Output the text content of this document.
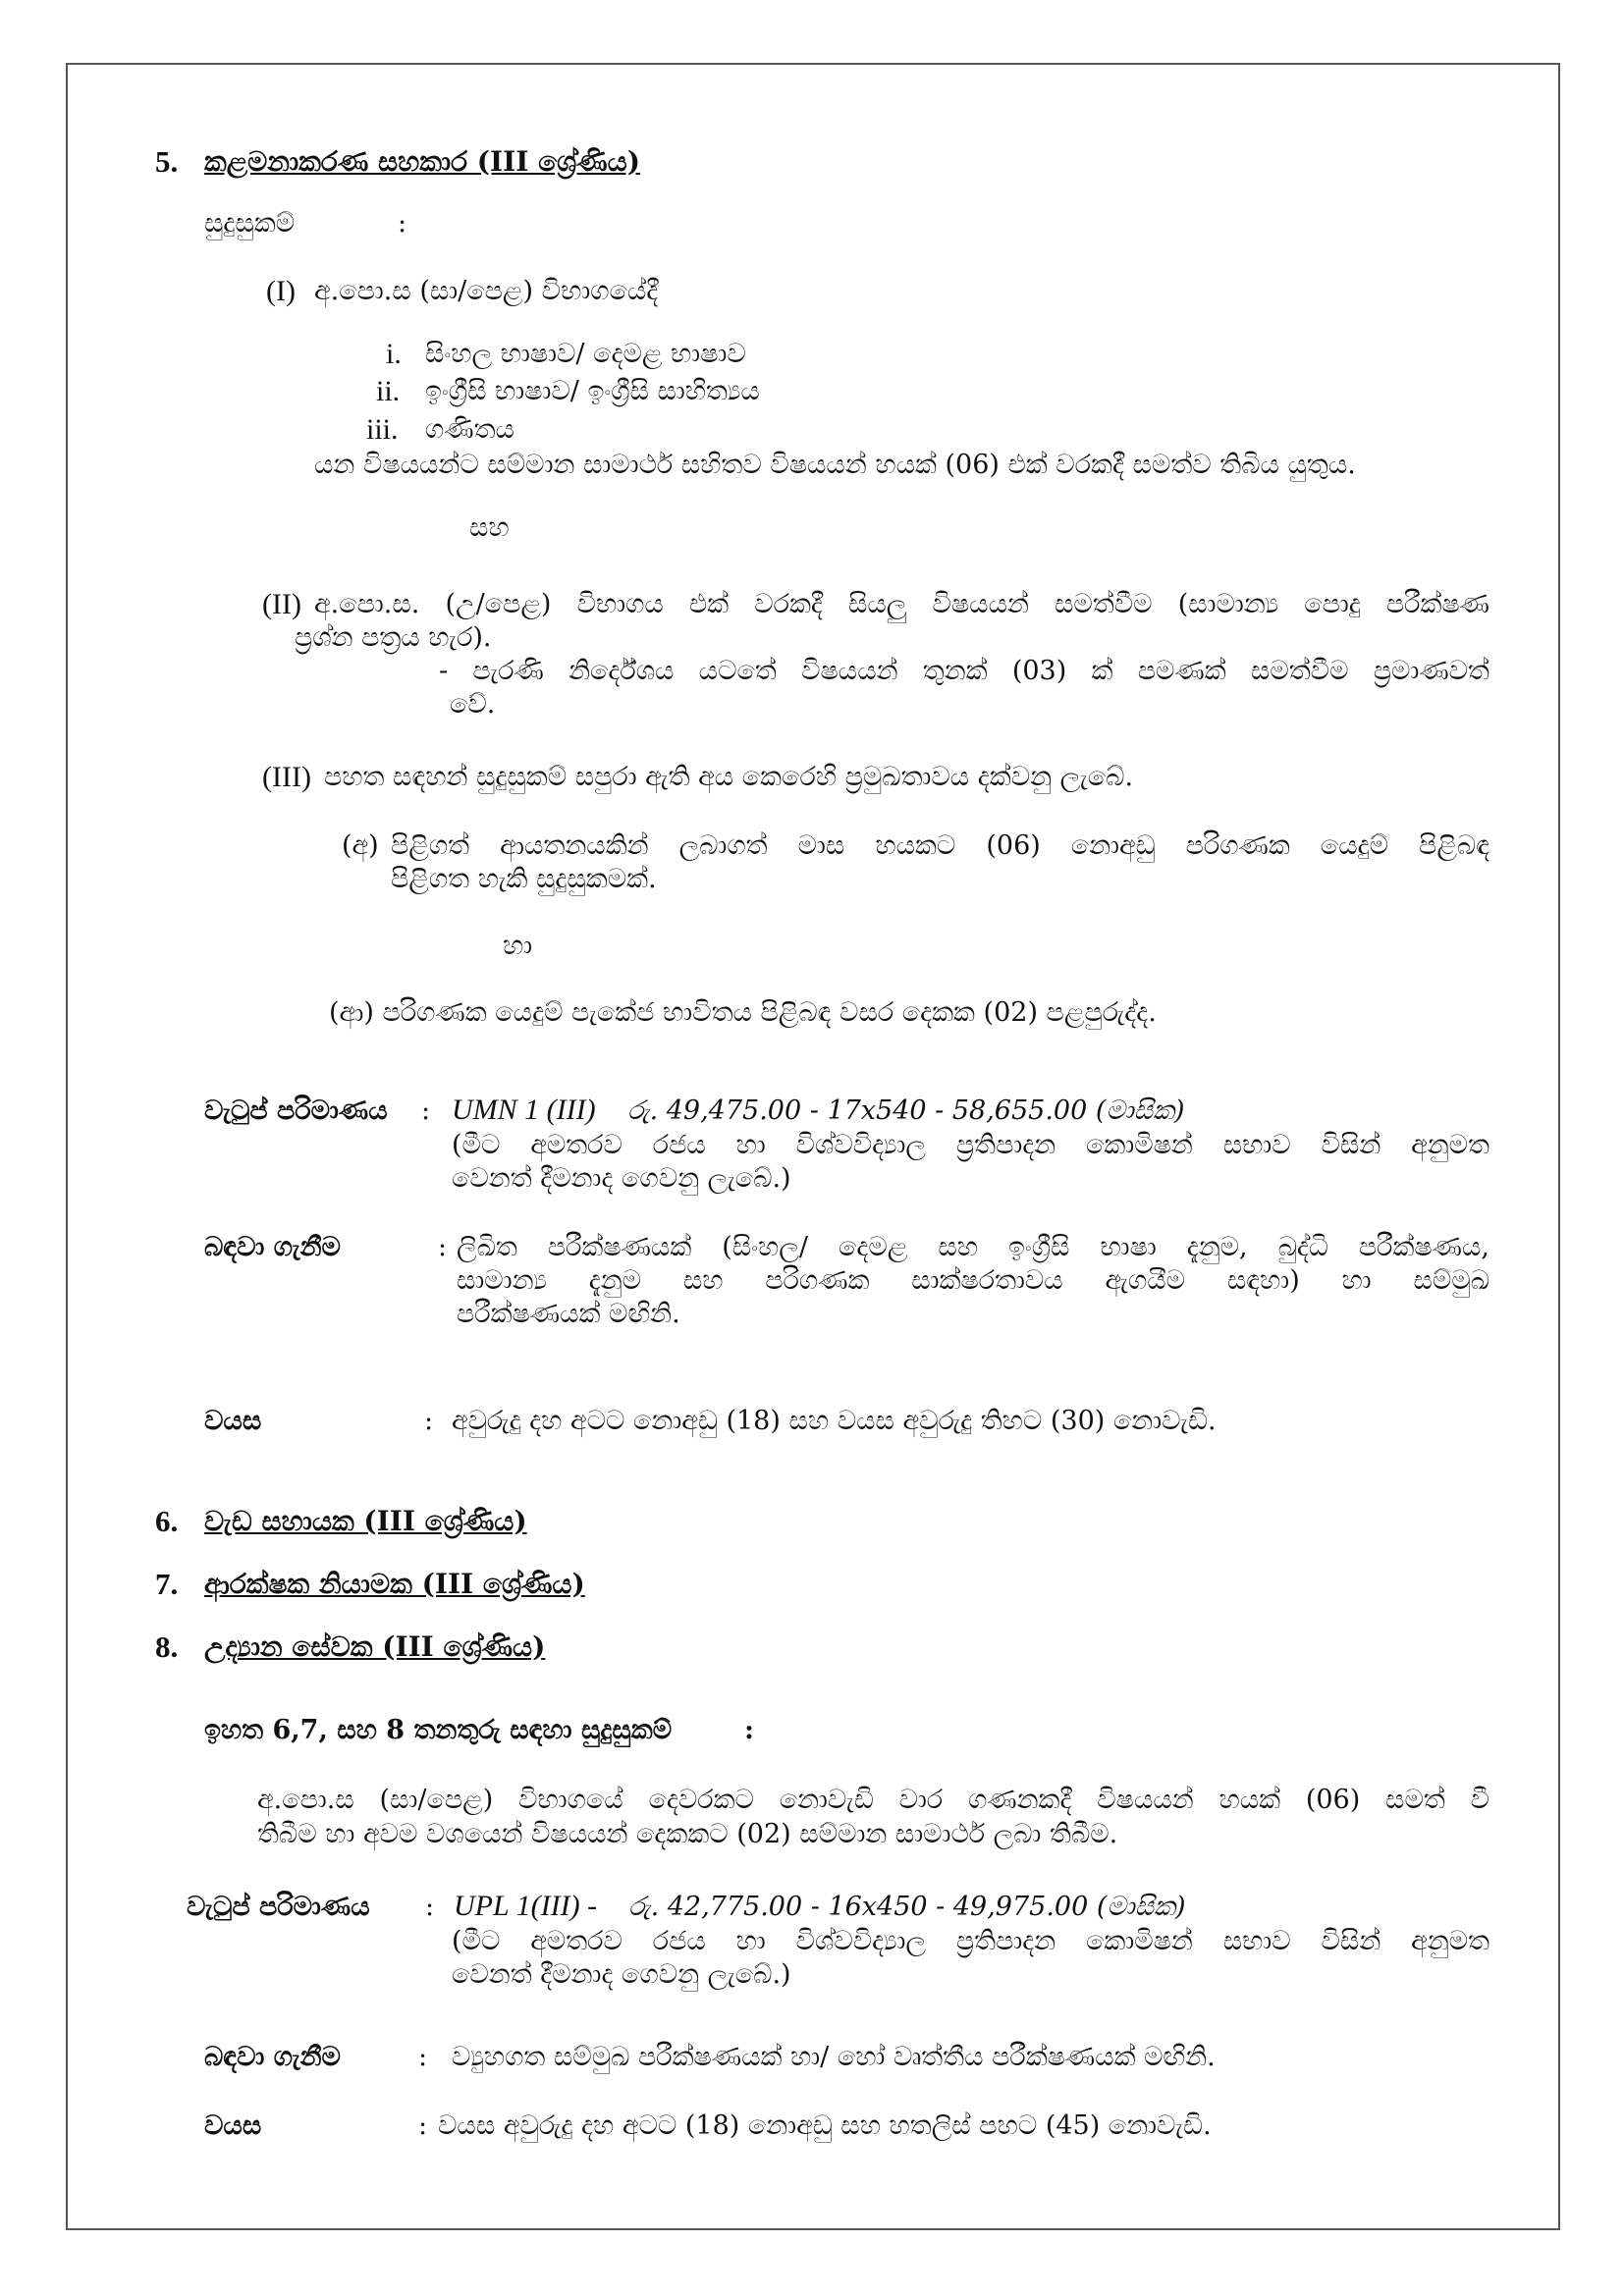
5. කළමනාකරණ සහකාර (III ශ්‍රේණිය)
සුදුසුකම්	:
(I) අ.පො.ස (සා/පෙළ) විභාගයේදී
i. සිංහල භාෂාව/ දෙමළ භාෂාව
ii. ඉංග්‍රීසි භාෂාව/ ඉංග්‍රීසි සාහිත්‍යය
iii. ගණිතය
යන විෂයයන්ට සම්මාන සාමාර්ථ සහිතව විෂයයන් හයක් (06) එක් වරකදී සමත්ව තිබිය යුතුය.
සහ
(II) අ.පො.ස. (උ/පෙළ) විභාගය එක් වරකදී සියලු විෂයයන් සමත්වීම (සාමාන්‍ය පොදු පරීක්ෂණ
ප්‍රශ්න පත්‍රය හැර).
- පැරණි නිර්දේශය යටතේ විෂයයන් තුනක් (03) ක් පමණක් සමත්වීම ප්‍රමාණවත්
වේ.
(III) පහත සඳහන් සුදුසුකම් සපුරා ඇති අය කෙරෙහි ප්‍රමුඛතාවය දක්වනු ලැබේ.
(අ) පිළිගත් ආයතනයකින් ලබාගත් මාස හයකට (06) නොඅඩු පරිගණක යෙදුම් පිළිබඳ
පිළිගත හැකි සුදුසුකමක්.
හා
(ආ) පරිගණක යෙදුම් පැකේජ භාවිතය පිළිබඳ වසර දෙකක (02) පළපුරුද්ද.
වැටුප් පරිමාණය : UMN 1 (III) රු. 49,475.00 - 17x540 - 58,655.00 (මාසික)
(මීට අමතරව රජය හා විශ්වවිද්‍යාල ප්‍රතිපාදන කොමිෂන් සභාව විසින් අනුමත
වෙනත් දීමනාද ගෙවනු ලැබේ.)
බඳවා ගැනීම	: ලිඛිත පරීක්ෂණයක් (සිංහල/ දෙමළ සහ ඉංග්‍රීසි භාෂා දැනුම, බුද්ධි පරීක්ෂණය,
සාමාන්‍ය දැනුම සහ පරිගණක සාක්ෂරතාවය ඇගයීම සඳහා) හා සම්මුඛ
පරීක්ෂණයක් මඟිනි.
වයස	: අවුරුදු දහ අටට නොඅඩු (18) සහ වයස අවුරුදු තිහට (30) නොවැඩි.
6. වැඩ සහායක (III ශ්‍රේණිය)
7. ආරක්ෂක නියාමක (III ශ්‍රේණිය)
8. උද්‍යාන සේවක (III ශ්‍රේණිය)
ඉහත 6,7, සහ 8 තනතුරු සඳහා සුදුසුකම්	:
අ.පො.ස (සා/පෙළ) විභාගයේ දෙවරකට නොවැඩි වාර ගණනකදී විෂයයන් හයක් (06) සමත් වී
තිබීම හා අවම වශයෙන් විෂයයන් දෙකකට (02) සම්මාන සාමාර්ථ ලබා තිබීම.
වැටුප් පරිමාණය : UPL 1(III) - රු. 42,775.00 - 16x450 - 49,975.00 (මාසික)
(මීට අමතරව රජය හා විශ්වවිද්‍යාල ප්‍රතිපාදන කොමිෂන් සභාව විසින් අනුමත
වෙනත් දීමනාද ගෙවනු ලැබේ.)
බඳවා ගැනීම	: ව්‍යුහගත සම්මුඛ පරීක්ෂණයක් හා/ හෝ වෘත්තීය පරීක්ෂණයක් මඟිනි.
වයස	: වයස අවුරුදු දහ අටට (18) නොඅඩු සහ හතලිස් පහට (45) නොවැඩි.
